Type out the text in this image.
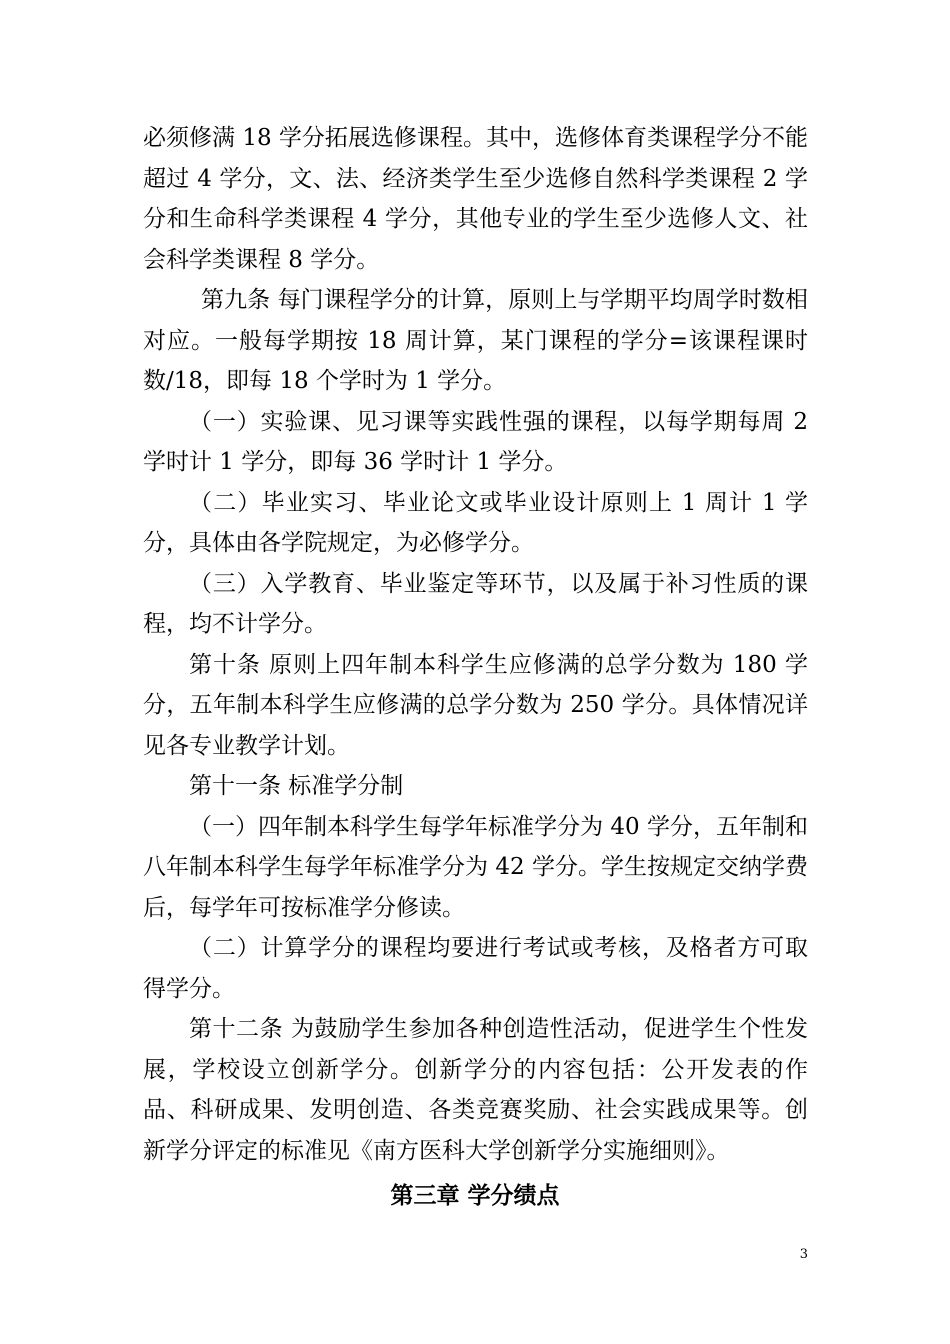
必须修满 18 学分拓展选修课程。其中，选修体育类课程学分不能超过 4 学分，文、法、经济类学生至少选修自然科学类课程 2 学分和生命科学类课程 4 学分，其他专业的学生至少选修人文、社会科学类课程 8 学分。

第九条 每门课程学分的计算，原则上与学期平均周学时数相对应。一般每学期按 18 周计算，某门课程的学分=该课程课时数/18，即每 18 个学时为 1 学分。

（一）实验课、见习课等实践性强的课程，以每学期每周 2 学时计 1 学分，即每 36 学时计 1 学分。

（二）毕业实习、毕业论文或毕业设计原则上 1 周计 1 学分，具体由各学院规定，为必修学分。

（三）入学教育、毕业鉴定等环节，以及属于补习性质的课程，均不计学分。

第十条 原则上四年制本科学生应修满的总学分数为 180 学分，五年制本科学生应修满的总学分数为 250 学分。具体情况详见各专业教学计划。

第十一条 标准学分制

（一）四年制本科学生每学年标准学分为 40 学分，五年制和八年制本科学生每学年标准学分为 42 学分。学生按规定交纳学费后，每学年可按标准学分修读。

（二）计算学分的课程均要进行考试或考核，及格者方可取得学分。

第十二条 为鼓励学生参加各种创造性活动，促进学生个性发展，学校设立创新学分。创新学分的内容包括：公开发表的作品、科研成果、发明创造、各类竞赛奖励、社会实践成果等。创新学分评定的标准见《南方医科大学创新学分实施细则》。

第三章 学分绩点
3
